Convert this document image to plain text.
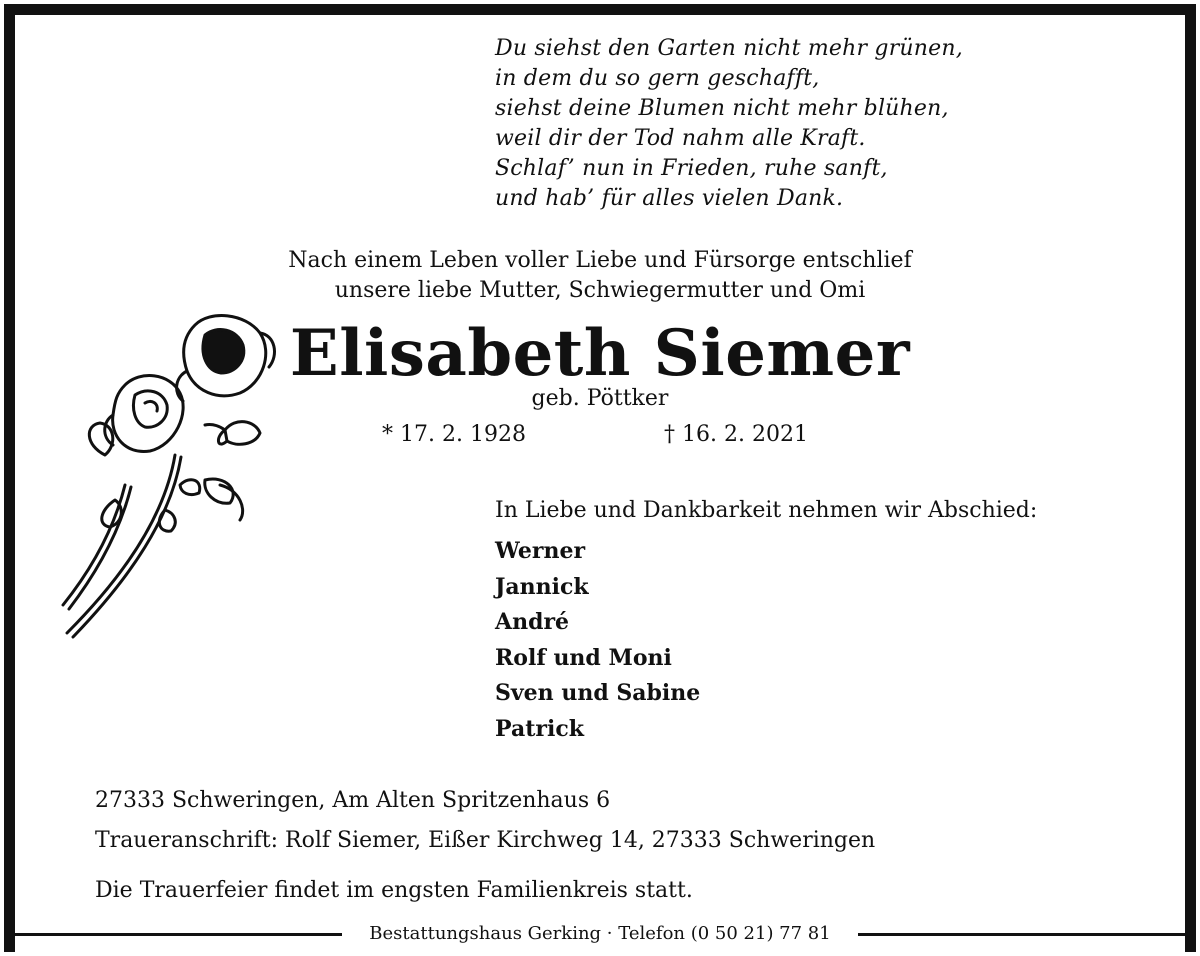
Du siehst den Garten nicht mehr grünen,
in dem du so gern geschafft,
siehst deine Blumen nicht mehr blühen,
weil dir der Tod nahm alle Kraft.
Schlaf’ nun in Frieden, ruhe sanft,
und hab’ für alles vielen Dank.
Nach einem Leben voller Liebe und Fürsorge entschlief
unsere liebe Mutter, Schwiegermutter und Omi
Elisabeth Siemer
geb. Pöttker
* 17. 2. 1928	† 16. 2. 2021
In Liebe und Dankbarkeit nehmen wir Abschied:
Werner
Jannick
André
Rolf und Moni
Sven und Sabine
Patrick
27333 Schweringen, Am Alten Spritzenhaus 6
Traueranschrift: Rolf Siemer, Eißer Kirchweg 14, 27333 Schweringen
Die Trauerfeier findet im engsten Familienkreis statt.
Bestattungshaus Gerking · Telefon (0 50 21) 77 81
